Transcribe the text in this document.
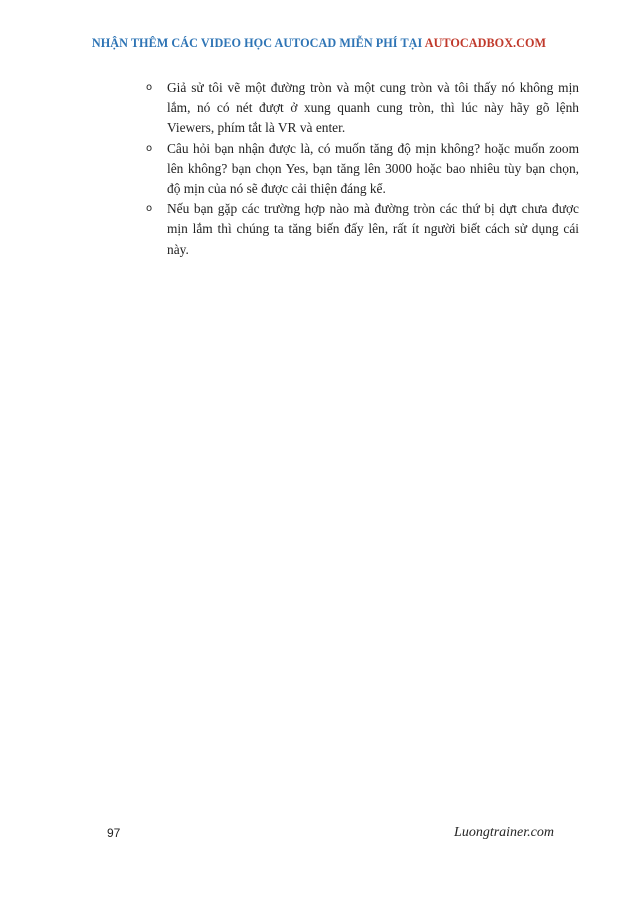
NHẬN THÊM CÁC VIDEO HỌC AUTOCAD MIỄN PHÍ TẠI AUTOCADBOX.COM
o Giả sử tôi vẽ một đường tròn và một cung tròn và tôi thấy nó không mịn lắm, nó có nét đượt ở xung quanh cung tròn, thì lúc này hãy gõ lệnh Viewers, phím tắt là VR và enter.
o Câu hỏi bạn nhận được là, có muốn tăng độ mịn không? hoặc muốn zoom lên không? bạn chọn Yes, bạn tăng lên 3000 hoặc bao nhiêu tùy bạn chọn, độ mịn của nó sẽ được cải thiện đáng kể.
o Nếu bạn gặp các trường hợp nào mà đường tròn các thứ bị dựt chưa được mịn lắm thì chúng ta tăng biến đấy lên, rất ít người biết cách sử dụng cái này.
97	Luongtrainer.com
